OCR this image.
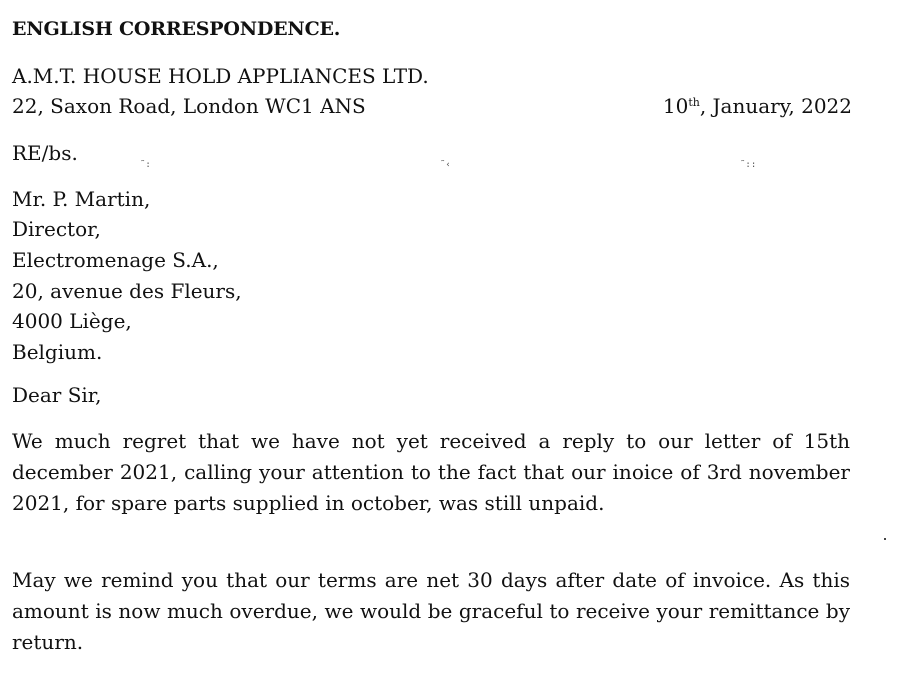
ENGLISH CORRESPONDENCE.
A.M.T. HOUSE HOLD APPLIANCES LTD.
22, Saxon Road, London WC1 ANS	10th, January, 2022
RE/bs.	˜:	˜‹	˜::
Mr. P. Martin,
Director,
Electromenage S.A.,
20, avenue des Fleurs,
4000 Liège,
Belgium.
Dear Sir,
We much regret that we have not yet received a reply to our letter of 15th december 2021, calling your attention to the fact that our inoice of 3rd november 2021, for spare parts supplied in october, was still unpaid.
May we remind you that our terms are net 30 days after date of invoice. As this amount is now much overdue, we would be graceful to receive your remittance by return.
